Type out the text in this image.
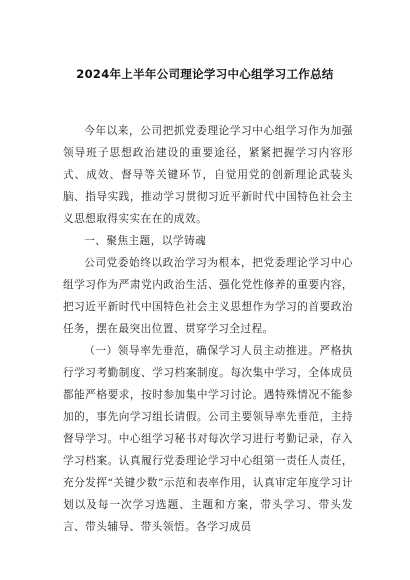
2024年上半年公司理论学习中心组学习工作总结

今年以来，公司把抓党委理论学习中心组学习作为加强领导班子思想政治建设的重要途径，紧紧把握学习内容形式、成效、督导等关键环节，自觉用党的创新理论武装头脑、指导实践，推动学习贯彻习近平新时代中国特色社会主义思想取得实实在在的成效。

一、聚焦主题，以学铸魂

公司党委始终以政治学习为根本，把党委理论学习中心组学习作为严肃党内政治生活、强化党性修养的重要内容，把习近平新时代中国特色社会主义思想作为学习的首要政治任务，摆在最突出位置、贯穿学习全过程。

（一）领导率先垂范，确保学习人员主动推进。严格执行学习考勤制度、学习档案制度。每次集中学习，全体成员都能严格要求，按时参加集中学习讨论。遇特殊情况不能参加的，事先向学习组长请假。公司主要领导率先垂范，主持督导学习。中心组学习秘书对每次学习进行考勤记录，存入学习档案。认真履行党委理论学习中心组第一责任人责任，充分发挥“关键少数”示范和表率作用，认真审定年度学习计划以及每一次学习选题、主题和方案，带头学习、带头发言、带头辅导、带头领悟。各学习成员
